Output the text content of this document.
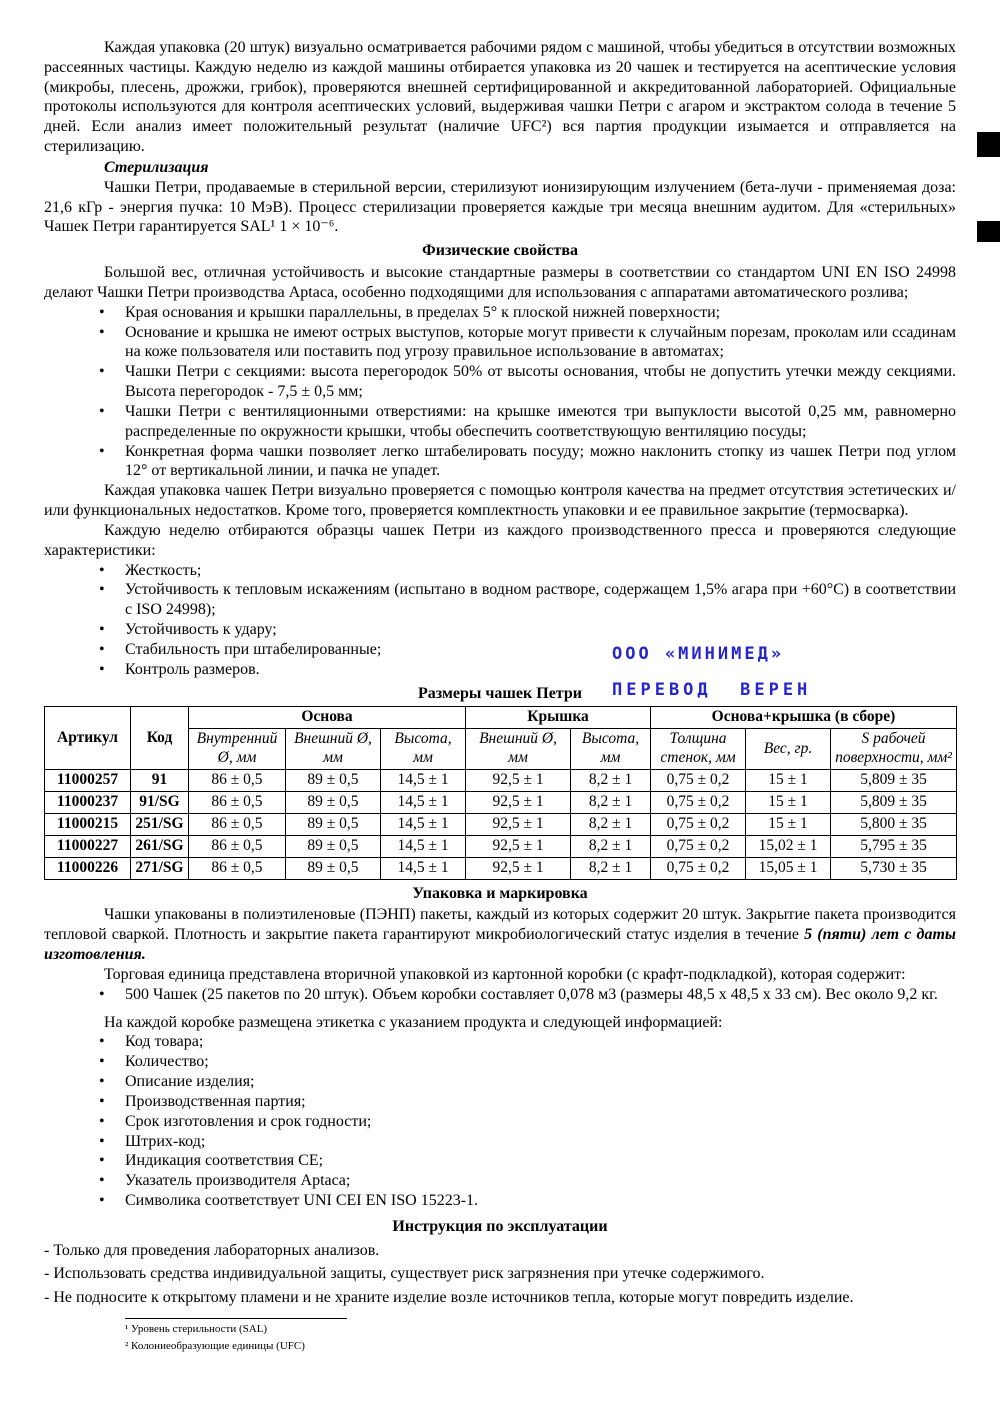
Каждая упаковка (20 штук) визуально осматривается рабочими рядом с машиной, чтобы убедиться в отсутствии возможных рассеянных частицы. Каждую неделю из каждой машины отбирается упаковка из 20 чашек и тестируется на асептические условия (микробы, плесень, дрожжи, грибок), проверяются внешней сертифицированной и аккредитованной лабораторией. Официальные протоколы используются для контроля асептических условий, выдерживая чашки Петри с агаром и экстрактом солода в течение 5 дней. Если анализ имеет положительный результат (наличие UFC²) вся партия продукции изымается и отправляется на стерилизацию.

Стерилизация

Чашки Петри, продаваемые в стерильной версии, стерилизуют ионизирующим излучением (бета-лучи - применяемая доза: 21,6 кГр - энергия пучка: 10 МэВ). Процесс стерилизации проверяется каждые три месяца внешним аудитом. Для «стерильных» Чашек Петри гарантируется SAL¹ 1 × 10⁻⁶.

Физические свойства

Большой вес, отличная устойчивость и высокие стандартные размеры в соответствии со стандартом UNI EN ISO 24998 делают Чашки Петри производства Aptaca, особенно подходящими для использования с аппаратами автоматического розлива;

• Края основания и крышки параллельны, в пределах 5° к плоской нижней поверхности;
• Основание и крышка не имеют острых выступов, которые могут привести к случайным порезам, проколам или ссадинам на коже пользователя или поставить под угрозу правильное использование в автоматах;
• Чашки Петри с секциями: высота перегородок 50% от высоты основания, чтобы не допустить утечки между секциями. Высота перегородок - 7,5 ± 0,5 мм;
• Чашки Петри с вентиляционными отверстиями: на крышке имеются три выпуклости высотой 0,25 мм, равномерно распределенные по окружности крышки, чтобы обеспечить соответствующую вентиляцию посуды;
• Конкретная форма чашки позволяет легко штабелировать посуду; можно наклонить стопку из чашек Петри под углом 12° от вертикальной линии, и пачка не упадет.

Каждая упаковка чашек Петри визуально проверяется с помощью контроля качества на предмет отсутствия эстетических и/или функциональных недостатков. Кроме того, проверяется комплектность упаковки и ее правильное закрытие (термосварка).

Каждую неделю отбираются образцы чашек Петри из каждого производственного пресса и проверяются следующие характеристики:

• Жесткость;
• Устойчивость к тепловым искажениям (испытано в водном растворе, содержащем 1,5% агара при +60°C) в соответствии с ISO 24998);
• Устойчивость к удару;
• Стабильность при штабелированные;
• Контроль размеров.
ООО «МИНИМЕД»
ПЕРЕВОД  ВЕРЕН
Размеры чашек Петри
Артикул	Код	Основа			Крышка		Основа+крышка (в сборе)		
		Внутренний Ø, мм	Внешний Ø, мм	Высота, мм	Внешний Ø, мм	Высота, мм	Толщина стенок, мм	Вес, гр.	S рабочей поверхности, мм²
11000257	91	86 ± 0,5	89 ± 0,5	14,5 ± 1	92,5 ± 1	8,2 ± 1	0,75 ± 0,2	15 ± 1	5,809 ± 35
11000237	91/SG	86 ± 0,5	89 ± 0,5	14,5 ± 1	92,5 ± 1	8,2 ± 1	0,75 ± 0,2	15 ± 1	5,809 ± 35
11000215	251/SG	86 ± 0,5	89 ± 0,5	14,5 ± 1	92,5 ± 1	8,2 ± 1	0,75 ± 0,2	15 ± 1	5,800 ± 35
11000227	261/SG	86 ± 0,5	89 ± 0,5	14,5 ± 1	92,5 ± 1	8,2 ± 1	0,75 ± 0,2	15,02 ± 1	5,795 ± 35
11000226	271/SG	86 ± 0,5	89 ± 0,5	14,5 ± 1	92,5 ± 1	8,2 ± 1	0,75 ± 0,2	15,05 ± 1	5,730 ± 35
Упаковка и маркировка

Чашки упакованы в полиэтиленовые (ПЭНП) пакеты, каждый из которых содержит 20 штук. Закрытие пакета производится тепловой сваркой. Плотность и закрытие пакета гарантируют микробиологический статус изделия в течение 5 (пяти) лет с даты изготовления.

Торговая единица представлена вторичной упаковкой из картонной коробки (с крафт-подкладкой), которая содержит:

• 500 Чашек (25 пакетов по 20 штук). Объем коробки составляет 0,078 м3 (размеры 48,5 x 48,5 x 33 см). Вес около 9,2 кг.

На каждой коробке размещена этикетка с указанием продукта и следующей информацией:

• Код товара;
• Количество;
• Описание изделия;
• Производственная партия;
• Срок изготовления и срок годности;
• Штрих-код;
• Индикация соответствия CE;
• Указатель производителя Aptaca;
• Символика соответствует UNI CEI EN ISO 15223-1.
Инструкция по эксплуатации

- Только для проведения лабораторных анализов.

- Использовать средства индивидуальной защиты, существует риск загрязнения при утечке содержимого.

- Не подносите к открытому пламени и не храните изделие возле источников тепла, которые могут повредить изделие.

¹ Уровень стерильности (SAL)
² Колониеобразующие единицы (UFC)
